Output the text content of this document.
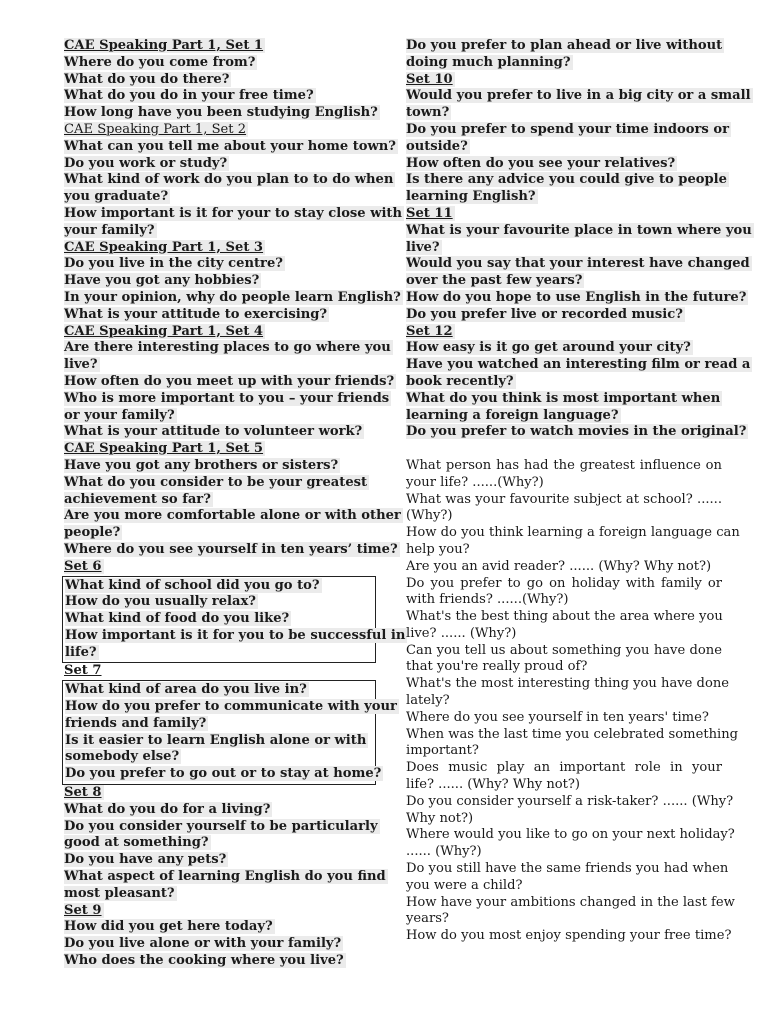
CAE Speaking Part 1, Set 1
Where do you come from?
What do you do there?
What do you do in your free time?
How long have you been studying English?
CAE Speaking Part 1, Set 2
What can you tell me about your home town?
Do you work or study?
What kind of work do you plan to to do when
you graduate?
How important is it for your to stay close with
your family?
CAE Speaking Part 1, Set 3
Do you live in the city centre?
Have you got any hobbies?
In your opinion, why do people learn English?
What is your attitude to exercising?
CAE Speaking Part 1, Set 4
Are there interesting places to go where you
live?
How often do you meet up with your friends?
Who is more important to you – your friends
or your family?
What is your attitude to volunteer work?
CAE Speaking Part 1, Set 5
Have you got any brothers or sisters?
What do you consider to be your greatest
achievement so far?
Are you more comfortable alone or with other
people?
Where do you see yourself in ten years’ time?
Set 6
What kind of school did you go to?
How do you usually relax?
What kind of food do you like?
How important is it for you to be successful in
life?
Set 7
What kind of area do you live in?
How do you prefer to communicate with your
friends and family?
Is it easier to learn English alone or with
somebody else?
Do you prefer to go out or to stay at home?
Set 8
What do you do for a living?
Do you consider yourself to be particularly
good at something?
Do you have any pets?
What aspect of learning English do you find
most pleasant?
Set 9
How did you get here today?
Do you live alone or with your family?
Who does the cooking where you live?
Do you prefer to plan ahead or live without
doing much planning?
Set 10
Would you prefer to live in a big city or a small
town?
Do you prefer to spend your time indoors or
outside?
How often do you see your relatives?
Is there any advice you could give to people
learning English?
Set 11
What is your favourite place in town where you
live?
Would you say that your interest have changed
over the past few years?
How do you hope to use English in the future?
Do you prefer live or recorded music?
Set 12
How easy is it go get around your city?
Have you watched an interesting film or read a
book recently?
What do you think is most important when
learning a foreign language?
Do you prefer to watch movies in the original?
What person has had the greatest influence on
your life? ......(Why?)
What was your favourite subject at school? ......
(Why?)
How do you think learning a foreign language can
help you?
Are you an avid reader? ...... (Why? Why not?)
Do you prefer to go on holiday with family or
with friends? ......(Why?)
What's the best thing about the area where you
live? ...... (Why?)
Can you tell us about something you have done
that you're really proud of?
What's the most interesting thing you have done
lately?
Where do you see yourself in ten years' time?
When was the last time you celebrated something
important?
Does music play an important role in your
life? ...... (Why? Why not?)
Do you consider yourself a risk-taker? ...... (Why?
Why not?)
Where would you like to go on your next holiday?
...... (Why?)
Do you still have the same friends you had when
you were a child?
How have your ambitions changed in the last few
years?
How do you most enjoy spending your free time?
